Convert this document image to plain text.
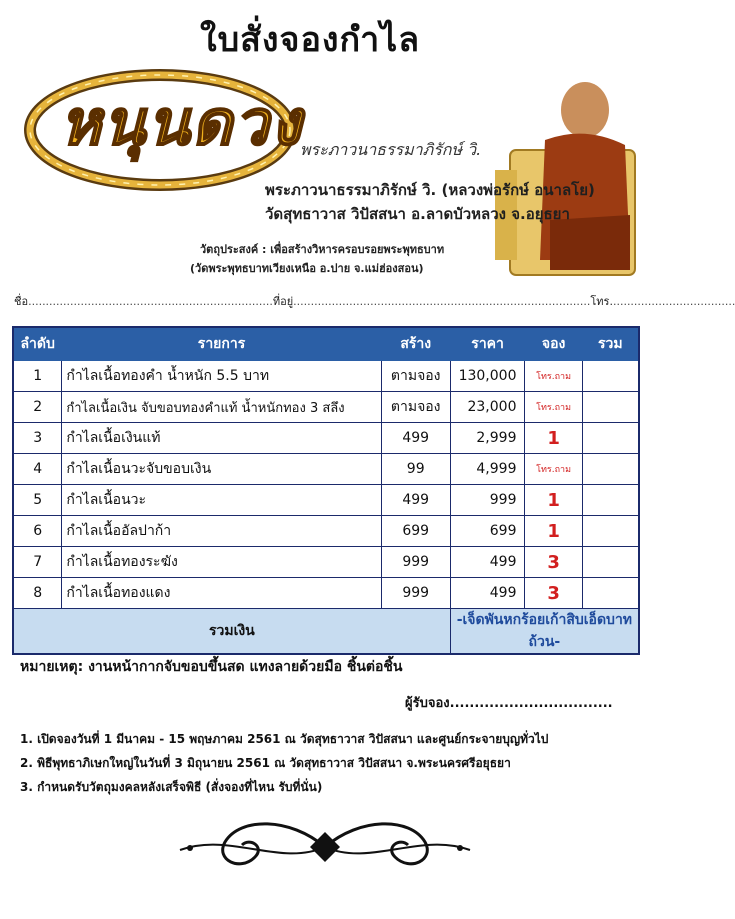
ใบสั่งจองกำไล
หนุนดวง
พระภาวนาธรรมาภิรักษ์ วิ.
พระภาวนาธรรมาภิรักษ์ วิ. (หลวงพ่อรักษ์ อนาลโย)
วัดสุทธาวาส วิปัสสนา อ.ลาดบัวหลวง จ.อยุธยา
วัตถุประสงค์ : เพื่อสร้างวิหารครอบรอยพระพุทธบาท
(วัดพระพุทธบาทเวียงเหนือ อ.ปาย จ.แม่ฮ่องสอน)
ชื่อ......................................................................ที่อยู่.....................................................................................โทร....................................
ลำดับ	รายการ	สร้าง	ราคา	จอง	รวม
1	กำไลเนื้อทองคำ น้ำหนัก 5.5 บาท	ตามจอง	130,000	โทร.ถาม	
2	กำไลเนื้อเงิน จับขอบทองคำแท้ น้ำหนักทอง 3 สลึง	ตามจอง	23,000	โทร.ถาม	
3	กำไลเนื้อเงินแท้	499	2,999	1	
4	กำไลเนื้อนวะจับขอบเงิน	99	4,999	โทร.ถาม	
5	กำไลเนื้อนวะ	499	999	1	
6	กำไลเนื้ออัลปาก้า	699	699	1	
7	กำไลเนื้อทองระฆัง	999	499	3	
8	กำไลเนื้อทองแดง	999	499	3	
รวมเงิน			-เจ็ดพันหกร้อยเก้าสิบเอ็ดบาทถ้วน-		
หมายเหตุ: งานหน้ากากจับขอบขึ้นสด แทงลายด้วยมือ ชิ้นต่อชิ้น
ผู้รับจอง.................................
1. เปิดจองวันที่ 1 มีนาคม - 15 พฤษภาคม 2561 ณ วัดสุทธาวาส วิปัสสนา และศูนย์กระจายบุญทั่วไป
2. พิธีพุทธาภิเษกใหญ่ในวันที่ 3 มิถุนายน 2561 ณ วัดสุทธาวาส วิปัสสนา จ.พระนครศรีอยุธยา
3. กำหนดรับวัตถุมงคลหลังเสร็จพิธี (สั่งจองที่ไหน รับที่นั่น)
